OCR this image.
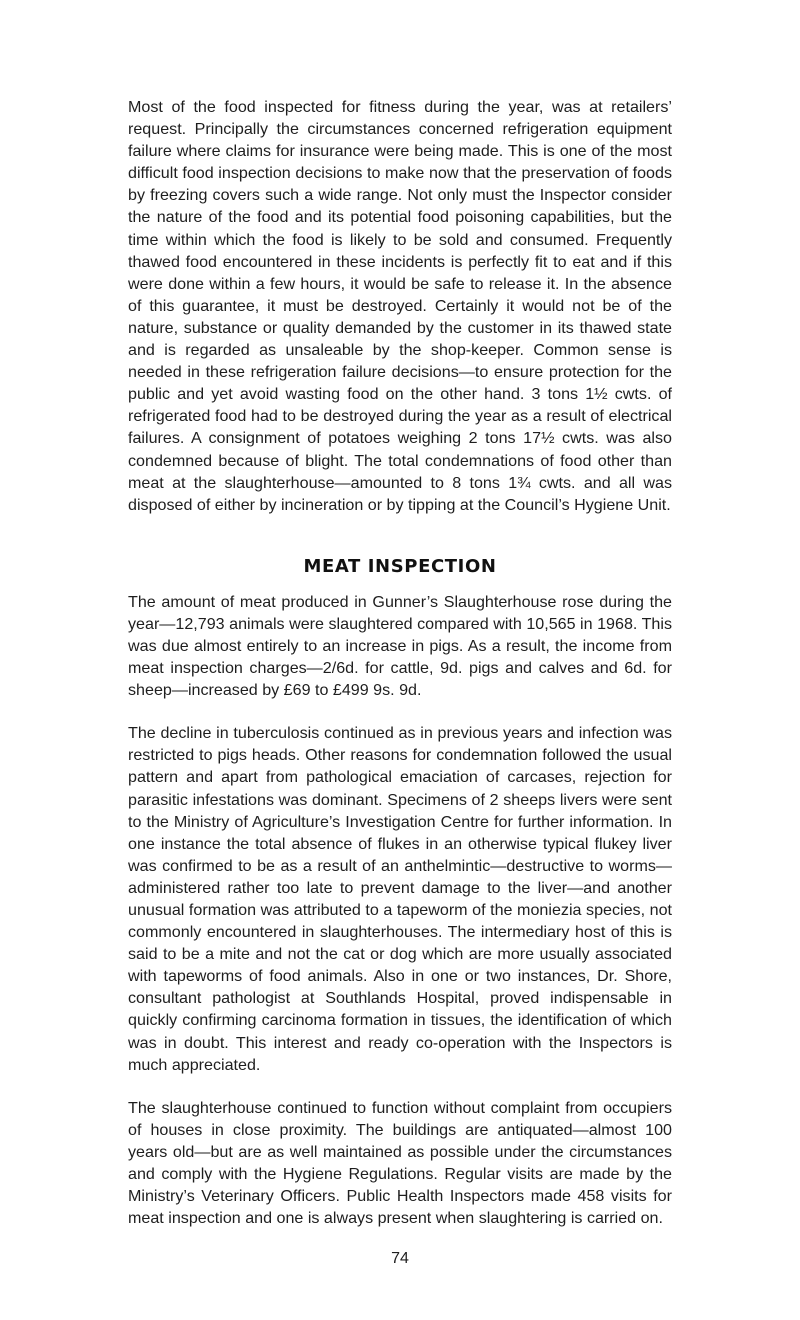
Most of the food inspected for fitness during the year, was at retailers’ request. Principally the circumstances concerned refrigeration equipment failure where claims for insurance were being made. This is one of the most difficult food inspection decisions to make now that the preservation of foods by freezing covers such a wide range. Not only must the Inspector consider the nature of the food and its potential food poisoning capabilities, but the time within which the food is likely to be sold and consumed. Frequently thawed food encountered in these incidents is perfectly fit to eat and if this were done within a few hours, it would be safe to release it. In the absence of this guarantee, it must be destroyed. Certainly it would not be of the nature, substance or quality demanded by the customer in its thawed state and is regarded as unsaleable by the shop-keeper. Common sense is needed in these refrigeration failure decisions—to ensure protection for the public and yet avoid wasting food on the other hand. 3 tons 1½ cwts. of refrigerated food had to be destroyed during the year as a result of electrical failures. A consignment of potatoes weighing 2 tons 17½ cwts. was also condemned because of blight. The total condemnations of food other than meat at the slaughterhouse—amounted to 8 tons 1¾ cwts. and all was disposed of either by incineration or by tipping at the Council’s Hygiene Unit.

MEAT INSPECTION

The amount of meat produced in Gunner’s Slaughterhouse rose during the year—12,793 animals were slaughtered compared with 10,565 in 1968. This was due almost entirely to an increase in pigs. As a result, the income from meat inspection charges—2/6d. for cattle, 9d. pigs and calves and 6d. for sheep—increased by £69 to £499 9s. 9d.

The decline in tuberculosis continued as in previous years and infection was restricted to pigs heads. Other reasons for condemnation followed the usual pattern and apart from pathological emaciation of carcases, rejection for parasitic infestations was dominant. Specimens of 2 sheeps livers were sent to the Ministry of Agriculture’s Investigation Centre for further information. In one instance the total absence of flukes in an otherwise typical flukey liver was confirmed to be as a result of an anthelmintic—destructive to worms—administered rather too late to prevent damage to the liver—and another unusual formation was attributed to a tapeworm of the moniezia species, not commonly encountered in slaughterhouses. The intermediary host of this is said to be a mite and not the cat or dog which are more usually associated with tapeworms of food animals. Also in one or two instances, Dr. Shore, consultant pathologist at Southlands Hospital, proved indispensable in quickly confirming carcinoma formation in tissues, the identification of which was in doubt. This interest and ready co-operation with the Inspectors is much appreciated.

The slaughterhouse continued to function without complaint from occupiers of houses in close proximity. The buildings are antiquated—almost 100 years old—but are as well maintained as possible under the circumstances and comply with the Hygiene Regulations. Regular visits are made by the Ministry’s Veterinary Officers. Public Health Inspectors made 458 visits for meat inspection and one is always present when slaughtering is carried on.

74
